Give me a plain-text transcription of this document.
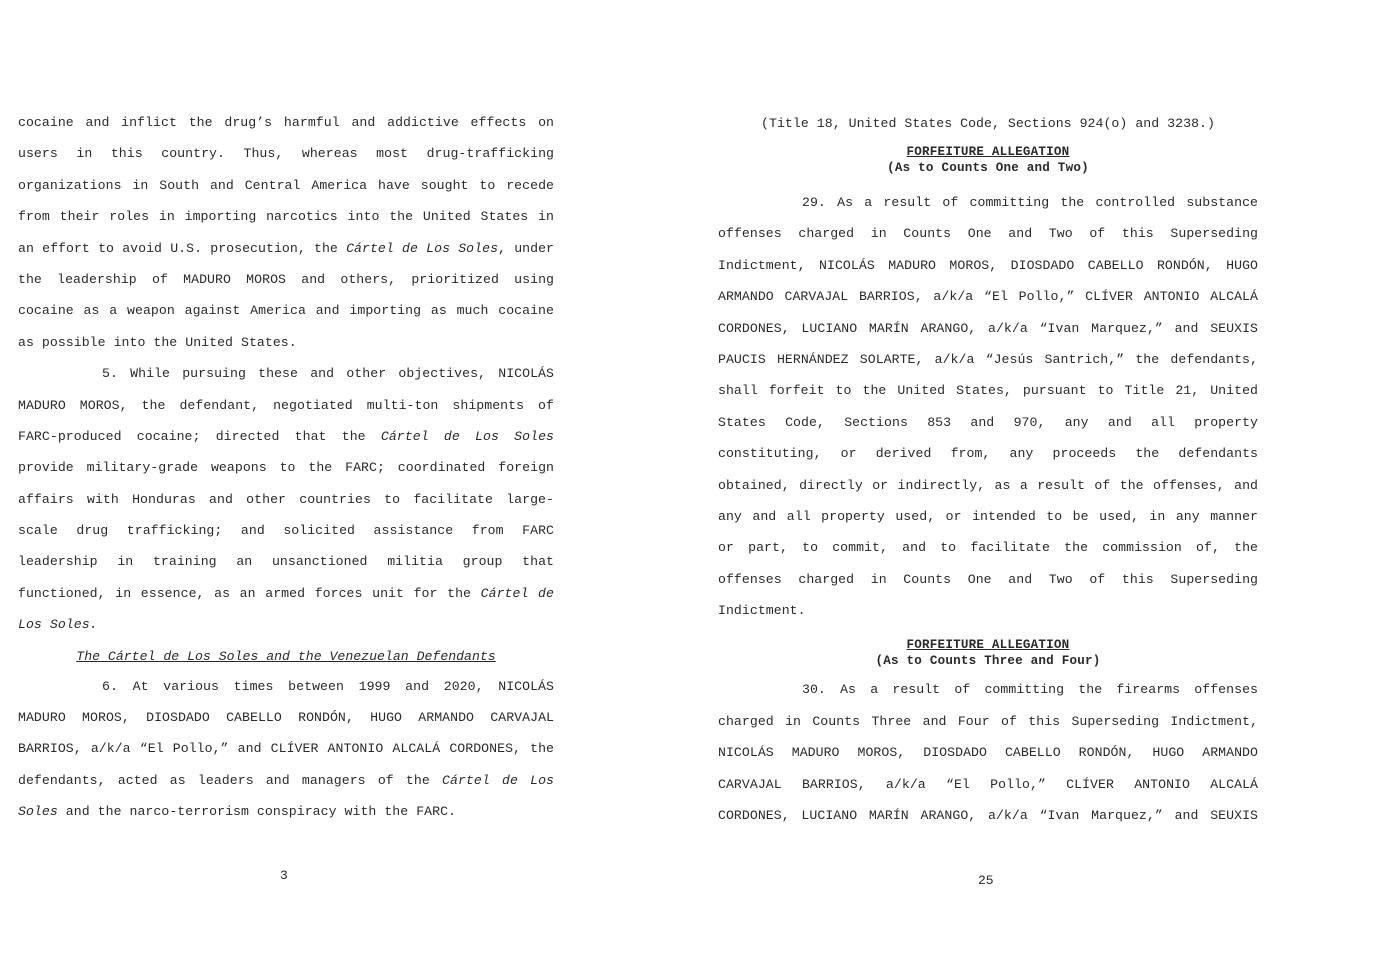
cocaine and inflict the drug’s harmful and addictive effects on
users in this country. Thus, whereas most drug-trafficking
organizations in South and Central America have sought to recede
from their roles in importing narcotics into the United States in
an effort to avoid U.S. prosecution, the Cártel de Los Soles, under
the leadership of MADURO MOROS and others, prioritized using
cocaine as a weapon against America and importing as much cocaine
as possible into the United States.
5. While pursuing these and other objectives, NICOLÁS
MADURO MOROS, the defendant, negotiated multi-ton shipments of
FARC-produced cocaine; directed that the Cártel de Los Soles
provide military-grade weapons to the FARC; coordinated foreign
affairs with Honduras and other countries to facilitate large-
scale drug trafficking; and solicited assistance from FARC
leadership in training an unsanctioned militia group that
functioned, in essence, as an armed forces unit for the Cártel de
Los Soles.
The Cártel de Los Soles and the Venezuelan Defendants
6. At various times between 1999 and 2020, NICOLÁS
MADURO MOROS, DIOSDADO CABELLO RONDÓN, HUGO ARMANDO CARVAJAL
BARRIOS, a/k/a “El Pollo,” and CLÍVER ANTONIO ALCALÁ CORDONES, the
defendants, acted as leaders and managers of the Cártel de Los
Soles and the narco-terrorism conspiracy with the FARC.
3
(Title 18, United States Code, Sections 924(o) and 3238.)
FORFEITURE ALLEGATION
(As to Counts One and Two)
29. As a result of committing the controlled substance
offenses charged in Counts One and Two of this Superseding
Indictment, NICOLÁS MADURO MOROS, DIOSDADO CABELLO RONDÓN, HUGO
ARMANDO CARVAJAL BARRIOS, a/k/a “El Pollo,” CLÍVER ANTONIO ALCALÁ
CORDONES, LUCIANO MARÍN ARANGO, a/k/a “Ivan Marquez,” and SEUXIS
PAUCIS HERNÁNDEZ SOLARTE, a/k/a “Jesús Santrich,” the defendants,
shall forfeit to the United States, pursuant to Title 21, United
States Code, Sections 853 and 970, any and all property
constituting, or derived from, any proceeds the defendants
obtained, directly or indirectly, as a result of the offenses, and
any and all property used, or intended to be used, in any manner
or part, to commit, and to facilitate the commission of, the
offenses charged in Counts One and Two of this Superseding
Indictment.
FORFEITURE ALLEGATION
(As to Counts Three and Four)
30. As a result of committing the firearms offenses
charged in Counts Three and Four of this Superseding Indictment,
NICOLÁS MADURO MOROS, DIOSDADO CABELLO RONDÓN, HUGO ARMANDO
CARVAJAL BARRIOS, a/k/a “El Pollo,” CLÍVER ANTONIO ALCALÁ
CORDONES, LUCIANO MARÍN ARANGO, a/k/a “Ivan Marquez,” and SEUXIS
25
